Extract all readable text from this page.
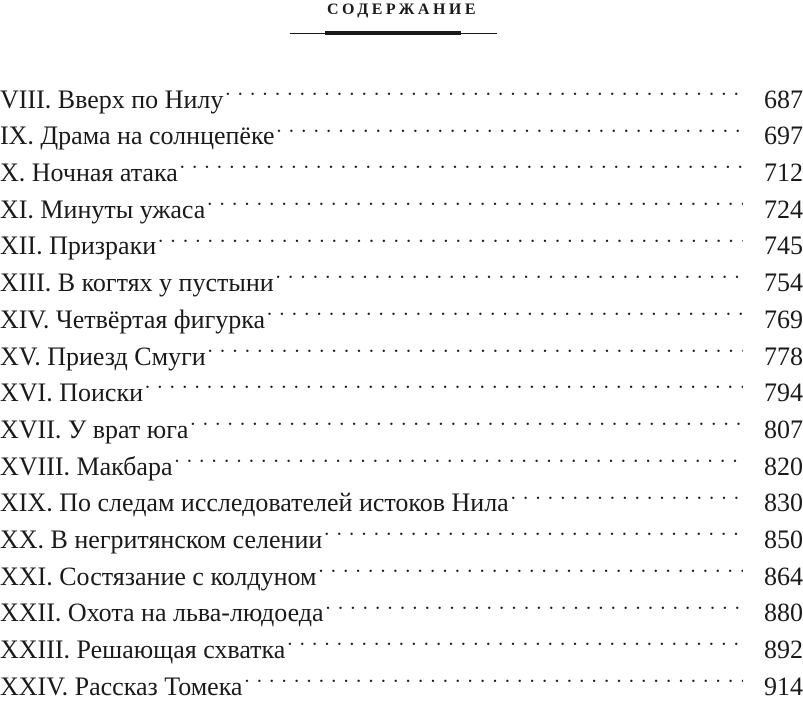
СОДЕРЖАНИЕ
VIII. Вверх по Нилу . . .	687
IX. Драма на солнцепёке . . .	697
X. Ночная атака . . .	712
XI. Минуты ужаса . . .	724
XII. Призраки . . .	745
XIII. В когтях у пустыни . . .	754
XIV. Четвёртая фигурка . . .	769
XV. Приезд Смуги . . .	778
XVI. Поиски . . .	794
XVII. У врат юга . . .	807
XVIII. Макбара . . .	820
XIX. По следам исследователей истоков Нила . . .	830
XX. В негритянском селении . . .	850
XXI. Состязание с колдуном . . .	864
XXII. Охота на льва-людоеда . . .	880
XXIII. Решающая схватка . . .	892
XXIV. Рассказ Томека . . .	914
